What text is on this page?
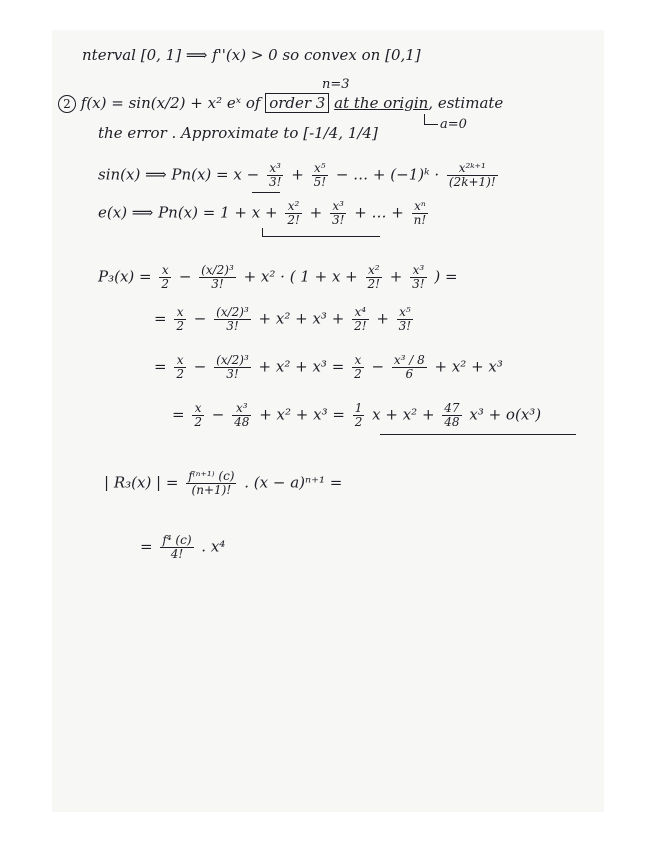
nterval [0, 1] ⟹ f''(x) > 0 so convex on [0,1]
n=3
2 f(x) = sin(x/2) + x² eˣ of order 3 at the origin, estimate
a=0
the error . Approximate to [-1/4, 1/4]
sin(x) ⟹ $Pn(x) = x - \frac{\text{x³}}{3!} + \frac{\text{x⁵}}{5!}$ − … + (−1)ᵏ · $\frac{\text{x²ᵏ⁺¹}}{(2k+1)!}$
e(x) ⟹ $Pn(x) = 1 + x + \frac{\text{x²}}{2!} + \frac{\text{x³}}{3!}$ + … + $\frac{\text{xⁿ}}{n!}$
$P_3(x) = \frac{x}{2} - \frac{\text{(x/2)³}}{3!} + x^2$ · ( $1 + x + \frac{\text{x²}}{2!} + \frac{\text{x³}}{3!}$ ) =
= $\frac{x}{2} - \frac{\text{(x/2)³}}{3!} + x^2 + x^3 + \frac{\text{x⁴}}{2!} + \frac{\text{x⁵}}{3!}$
= $\frac{x}{2} - \frac{\text{(x/2)³}}{3!} + x^2 + x^3 = \frac{x}{2} - \frac{\text{x³ / 8}}{6} + x^2 + x^3$
= $\frac{x}{2} - \frac{\text{x³}}{48} + x^2 + x^3 = \frac{1}{2}$ $x + x^2 + \frac{47}{48} x^3 + o(x^3)$
| R₃(x) | = $\frac{\text{f⁽ⁿ⁺¹⁾ (c)}}{(n+1)!}$ . (x − a)ⁿ⁺¹ =
= $\frac{\text{f⁴ (c)}}{4!}$ . x⁴
